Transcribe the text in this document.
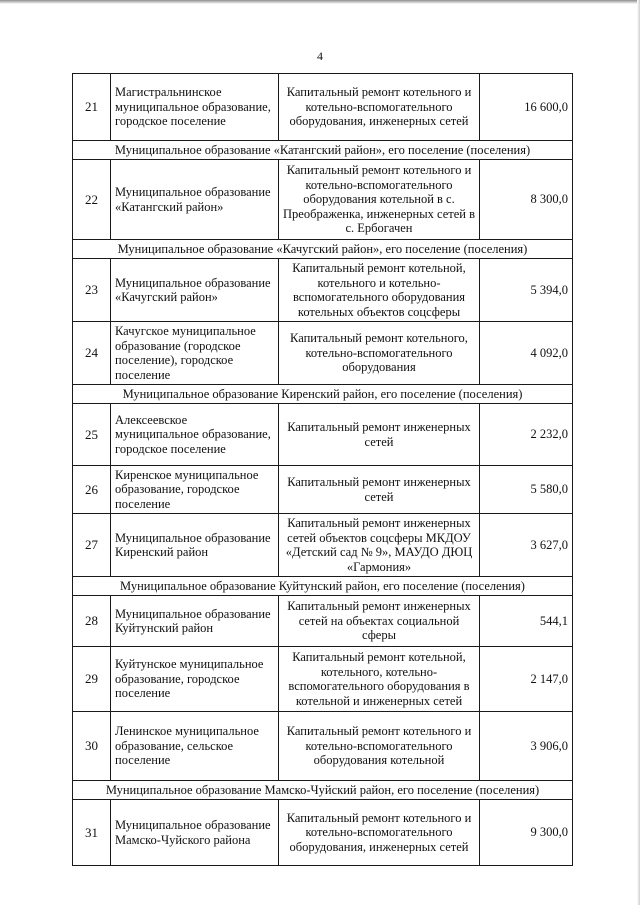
4
21	Магистральнинское муниципальное образование, городское поселение	Капитальный ремонт котельного и котельно-вспомогательного оборудования, инженерных сетей	16 600,0
Муниципальное образование «Катангский район», его поселение (поселения)			
22	Муниципальное образование «Катангский район»	Капитальный ремонт котельного и котельно-вспомогательного оборудования котельной в с. Преображенка, инженерных сетей в с. Ербогачен	8 300,0
Муниципальное образование «Качугский район», его поселение (поселения)			
23	Муниципальное образование «Качугский район»	Капитальный ремонт котельной, котельного и котельно-вспомогательного оборудования котельных объектов соцсферы	5 394,0
24	Качугское муниципальное образование (городское поселение), городское поселение	Капитальный ремонт котельного, котельно-вспомогательного оборудования	4 092,0
Муниципальное образование Киренский район, его поселение (поселения)			
25	Алексеевское муниципальное образование, городское поселение	Капитальный ремонт инженерных сетей	2 232,0
26	Киренское муниципальное образование, городское поселение	Капитальный ремонт инженерных сетей	5 580,0
27	Муниципальное образование Киренский район	Капитальный ремонт инженерных сетей объектов соцсферы МКДОУ «Детский сад № 9», МАУДО ДЮЦ «Гармония»	3 627,0
Муниципальное образование Куйтунский район, его поселение (поселения)			
28	Муниципальное образование Куйтунский район	Капитальный ремонт инженерных сетей на объектах социальной сферы	544,1
29	Куйтунское муниципальное образование, городское поселение	Капитальный ремонт котельной, котельного, котельно-вспомогательного оборудования в котельной и инженерных сетей	2 147,0
30	Ленинское муниципальное образование, сельское поселение	Капитальный ремонт котельного и котельно-вспомогательного оборудования котельной	3 906,0
Муниципальное образование Мамско-Чуйский район, его поселение (поселения)			
31	Муниципальное образование Мамско-Чуйского района	Капитальный ремонт котельного и котельно-вспомогательного оборудования, инженерных сетей	9 300,0
